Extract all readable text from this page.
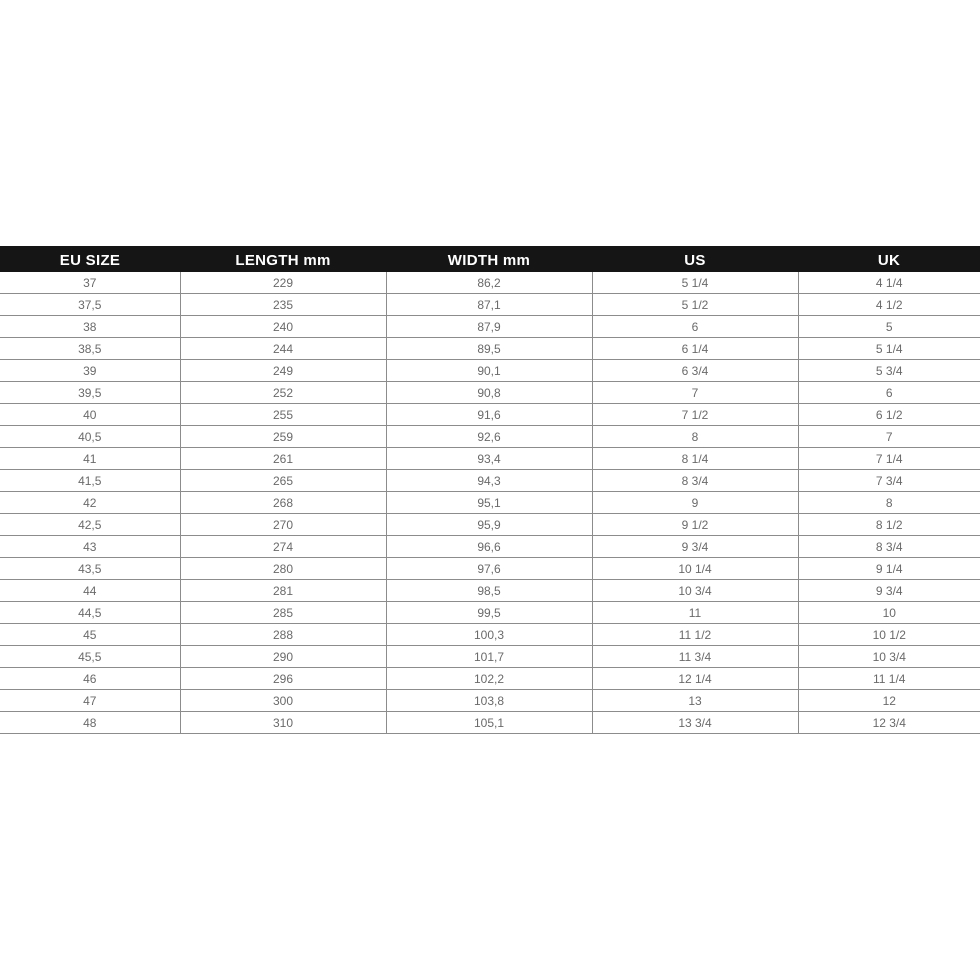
EU SIZE	LENGTH mm	WIDTH mm	US	UK
37	229	86,2	5 1/4	4 1/4
37,5	235	87,1	5 1/2	4 1/2
38	240	87,9	6	5
38,5	244	89,5	6 1/4	5 1/4
39	249	90,1	6 3/4	5 3/4
39,5	252	90,8	7	6
40	255	91,6	7 1/2	6 1/2
40,5	259	92,6	8	7
41	261	93,4	8 1/4	7 1/4
41,5	265	94,3	8 3/4	7 3/4
42	268	95,1	9	8
42,5	270	95,9	9 1/2	8 1/2
43	274	96,6	9 3/4	8 3/4
43,5	280	97,6	10 1/4	9 1/4
44	281	98,5	10 3/4	9 3/4
44,5	285	99,5	11	10
45	288	100,3	11 1/2	10 1/2
45,5	290	101,7	11 3/4	10 3/4
46	296	102,2	12 1/4	11 1/4
47	300	103,8	13	12
48	310	105,1	13 3/4	12 3/4
